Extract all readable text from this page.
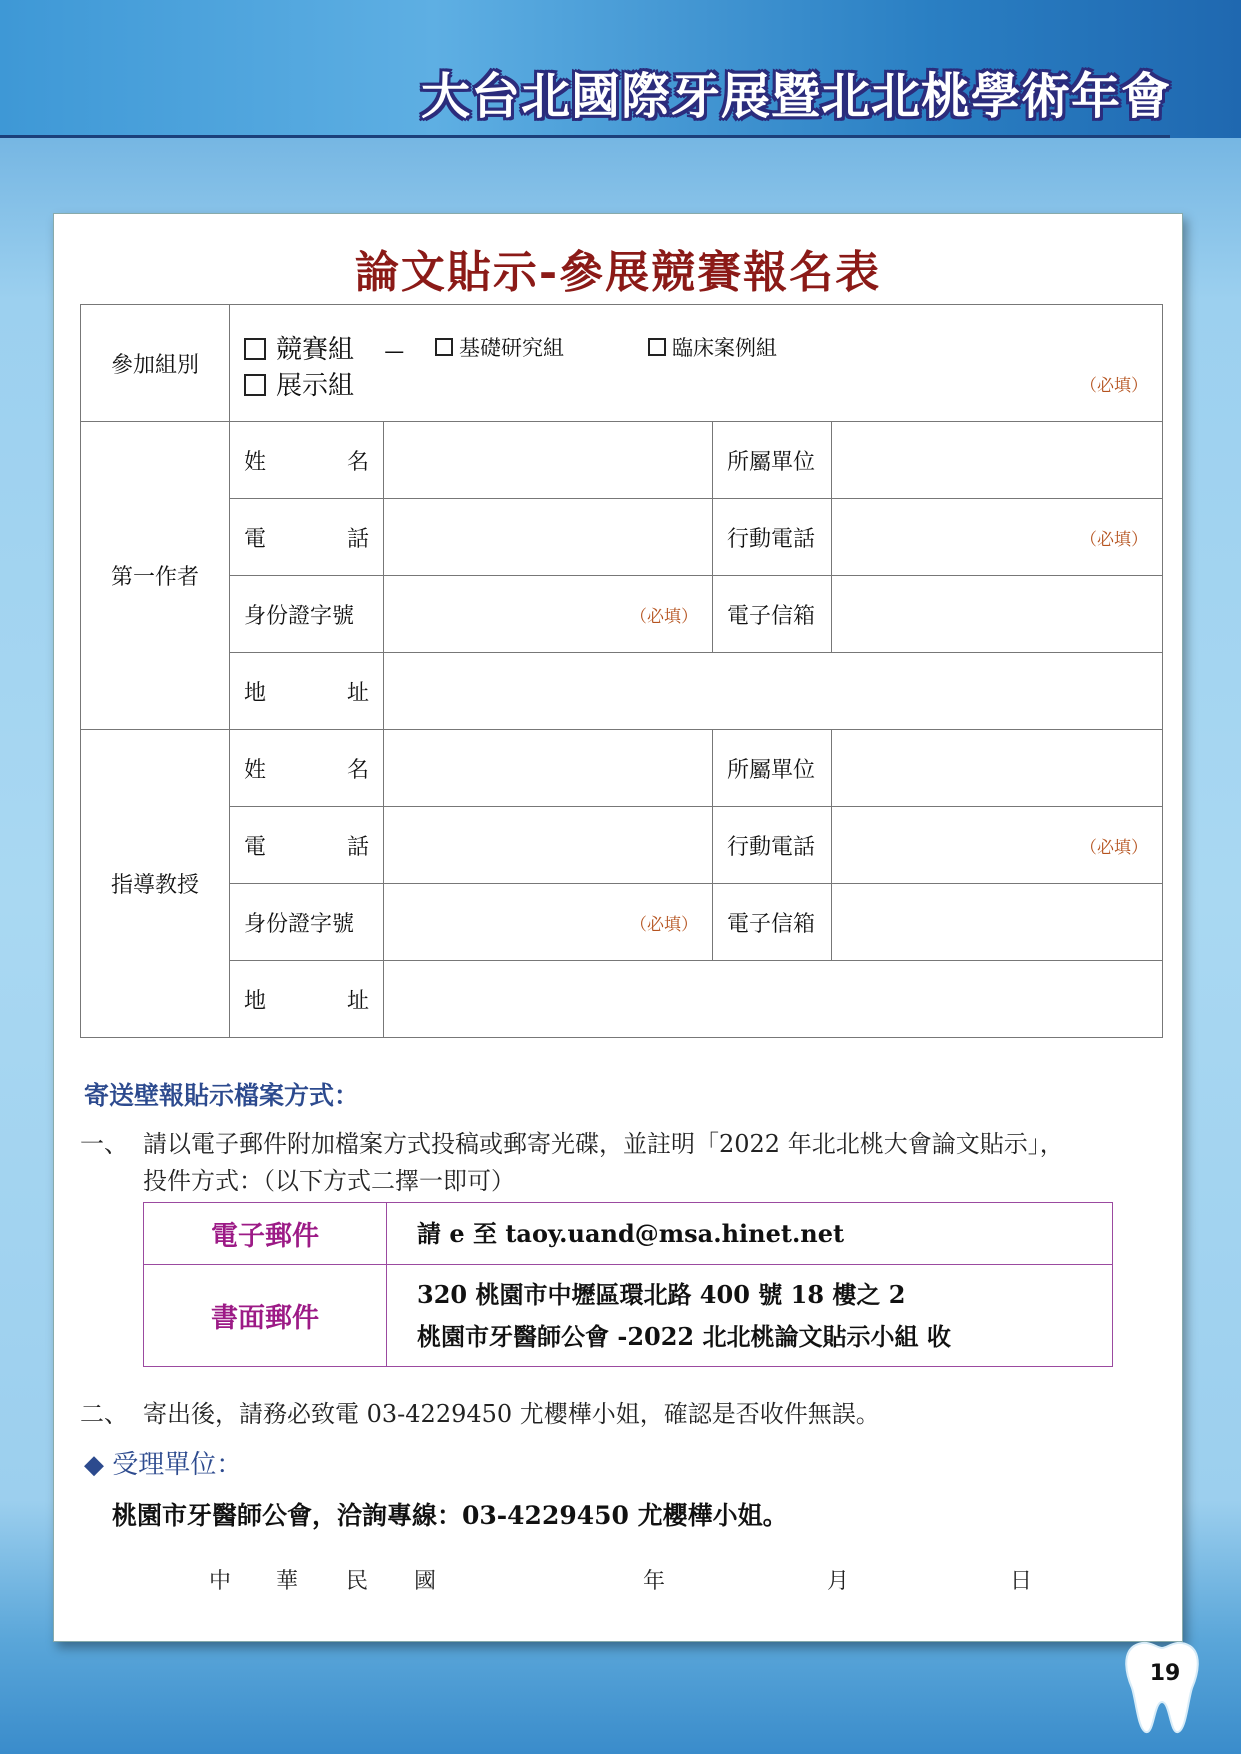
大台北國際牙展暨北北桃學術年會
論文貼示-參展競賽報名表
參加組別	競賽組 — 基礎研究組 臨床案例組
展示組 （必填）			

第一作者	姓 名		所屬單位	

	電 話		行動電話	（必填）

	身份證字號	（必填）	電子信箱	

	地 址			

指導教授	姓 名		所屬單位	

	電 話		行動電話	（必填）

	身份證字號	（必填）	電子信箱	

	地 址			

寄送壁報貼示檔案方式：
一、 請以電子郵件附加檔案方式投稿或郵寄光碟，並註明「2022 年北北桃大會論文貼示」，
投件方式：（以下方式二擇一即可）
電子郵件	請 e 至 taoy.uand@msa.hinet.net
書面郵件	320 桃園市中壢區環北路 400 號 18 樓之 2
桃園市牙醫師公會 -2022 北北桃論文貼示小組 收
二、 寄出後，請務必致電 03-4229450 尤櫻樺小姐，確認是否收件無誤。
◆ 受理單位：
桃園市牙醫師公會，洽詢專線：03-4229450 尤櫻樺小姐。
中 華 民 國	年	月	日
19
